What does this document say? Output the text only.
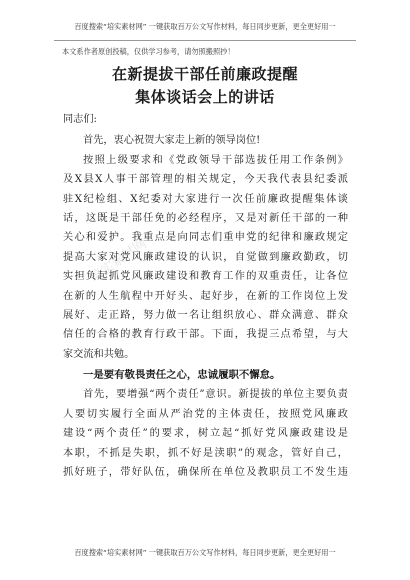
百度搜索“培实素材网” 一键获取百万公文写作材料，每日同步更新，更全更好用一
本文系作者原创投稿，仅供学习参考，请勿照搬照抄！
在新提拔干部任前廉政提醒
集体谈话会上的讲话
培实素材网
同志们:
首先，衷心祝贺大家走上新的领导岗位!
按照上级要求和《党政领导干部选拔任用工作条例》
及X县X人事干部管理的相关规定，今天我代表县纪委派
驻X纪检组、X纪委对大家进行一次任前廉政提醒集体谈
话，这既是干部任免的必经程序，又是对新任干部的一种
关心和爱护。我重点是向同志们重申党的纪律和廉政规定
提高大家对党风廉政建设的认识，自觉做到廉政勤政，切
实担负起抓党风廉政建设和教育工作的双重责任，让各位
在新的人生航程中开好头、起好步，在新的工作岗位上发
展好、走正路，努力做一名让组织放心、群众满意、群众
信任的合格的教育行政干部。下面，我提三点希望，与大
家交流和共勉。
一是要有敬畏责任之心，忠诚履职不懈怠。
首先，要增强“两个责任”意识。新提拔的单位主要负责
人要切实履行全面从严治党的主体责任，按照党风廉政
建设“两个责任”的要求，树立起“抓好党风廉政建设是
本职，不抓是失职，抓不好是渎职”的观念，管好自己，
抓好班子，带好队伍，确保所在单位及教职员工不发生违
百度搜索“培实素材网” 一键获取百万公文写作材料，每日同步更新，更全更好用一
